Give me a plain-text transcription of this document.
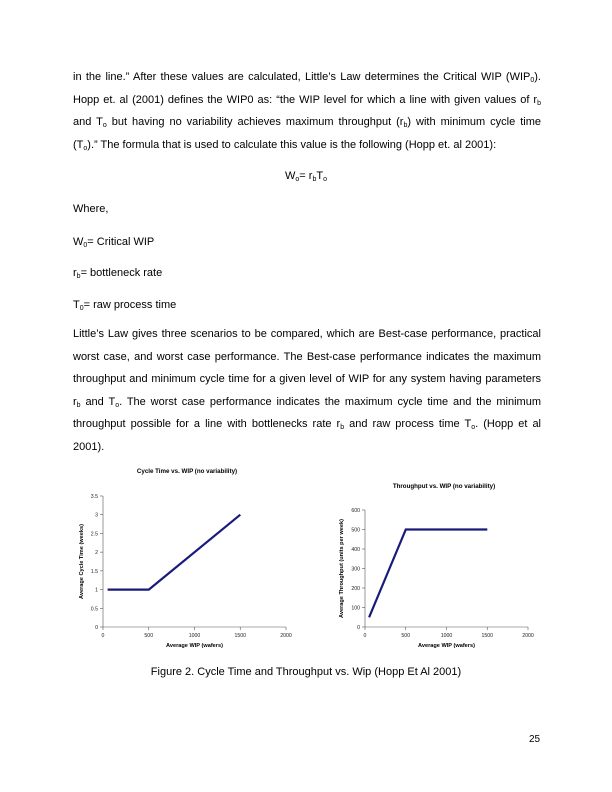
in the line.” After these values are calculated, Little’s Law determines the Critical WIP $(WIP_0)$.
Hopp et. al (2001) defines the WIP0 as: “the WIP level for which a line with given values of $r_b$
and $T_o$ but having no variability achieves maximum throughput $(r_b)$ with minimum cycle time
$(T_o)$.” The formula that is used to calculate this value is the following (Hopp et. al 2001):
$W_o= r_bT_o$
Where,
$W_0=$ Critical WIP
$r_b=$ bottleneck rate
$T_0=$ raw process time
Little’s Law gives three scenarios to be compared, which are Best-case performance, practical
worst case, and worst case performance. The Best-case performance indicates the maximum
throughput and minimum cycle time for a given level of WIP for any system having parameters
$r_b$ and $T_o$. The worst case performance indicates the maximum cycle time and the minimum
throughput possible for a line with bottlenecks rate $r_b$ and raw process time $T_o$. (Hopp et al
2001).
Cycle Time vs. WIP (no variability)
0
0.5
1
1.5
2
2.5
3
3.5
0	500	1000	1500	2000
Average WIP (wafers)
Average Cycle Time (weeks)
Throughput vs. WIP (no variability)
0
100
200
300
400
500
600
0	500	1000	1500	2000
Average WIP (wafers)
Average Throughput (units per week)
Figure 2. Cycle Time and Throughput vs. Wip (Hopp Et Al 2001)
25
